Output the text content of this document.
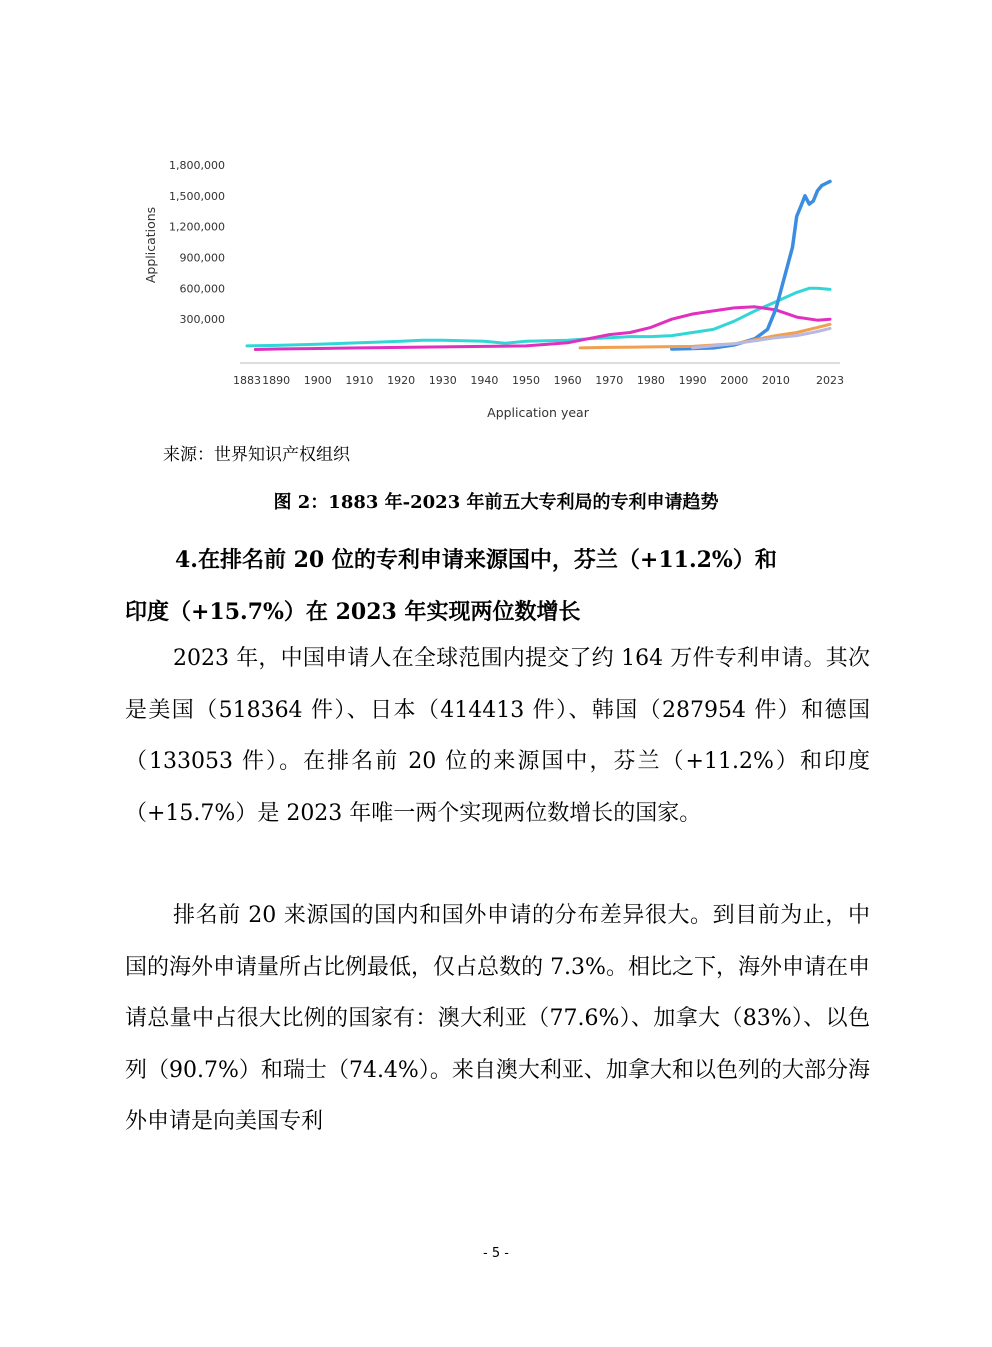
Applications
Application year
1,800,000
1,500,000
1,200,000
900,000
600,000
300,000
1883 1890 1900 1910 1920 1930 1940 1950 1960 1970 1980 1990 2000 2010 2023
来源：世界知识产权组织
图 2：1883 年-2023 年前五大专利局的专利申请趋势
4.在排名前 20 位的专利申请来源国中，芬兰（+11.2%）和
印度（+15.7%）在 2023 年实现两位数增长
2023 年，中国申请人在全球范围内提交了约 164 万件专利申请。其次是美国（518364 件）、日本（414413 件）、韩国（287954 件）和德国（133053 件）。在排名前 20 位的来源国中，芬兰（+11.2%）和印度（+15.7%）是 2023 年唯一两个实现两位数增长的国家。
排名前 20 来源国的国内和国外申请的分布差异很大。到目前为止，中国的海外申请量所占比例最低，仅占总数的 7.3%。相比之下，海外申请在申请总量中占很大比例的国家有：澳大利亚（77.6%）、加拿大（83%）、以色列（90.7%）和瑞士（74.4%）。来自澳大利亚、加拿大和以色列的大部分海外申请是向美国专利
- 5 -
